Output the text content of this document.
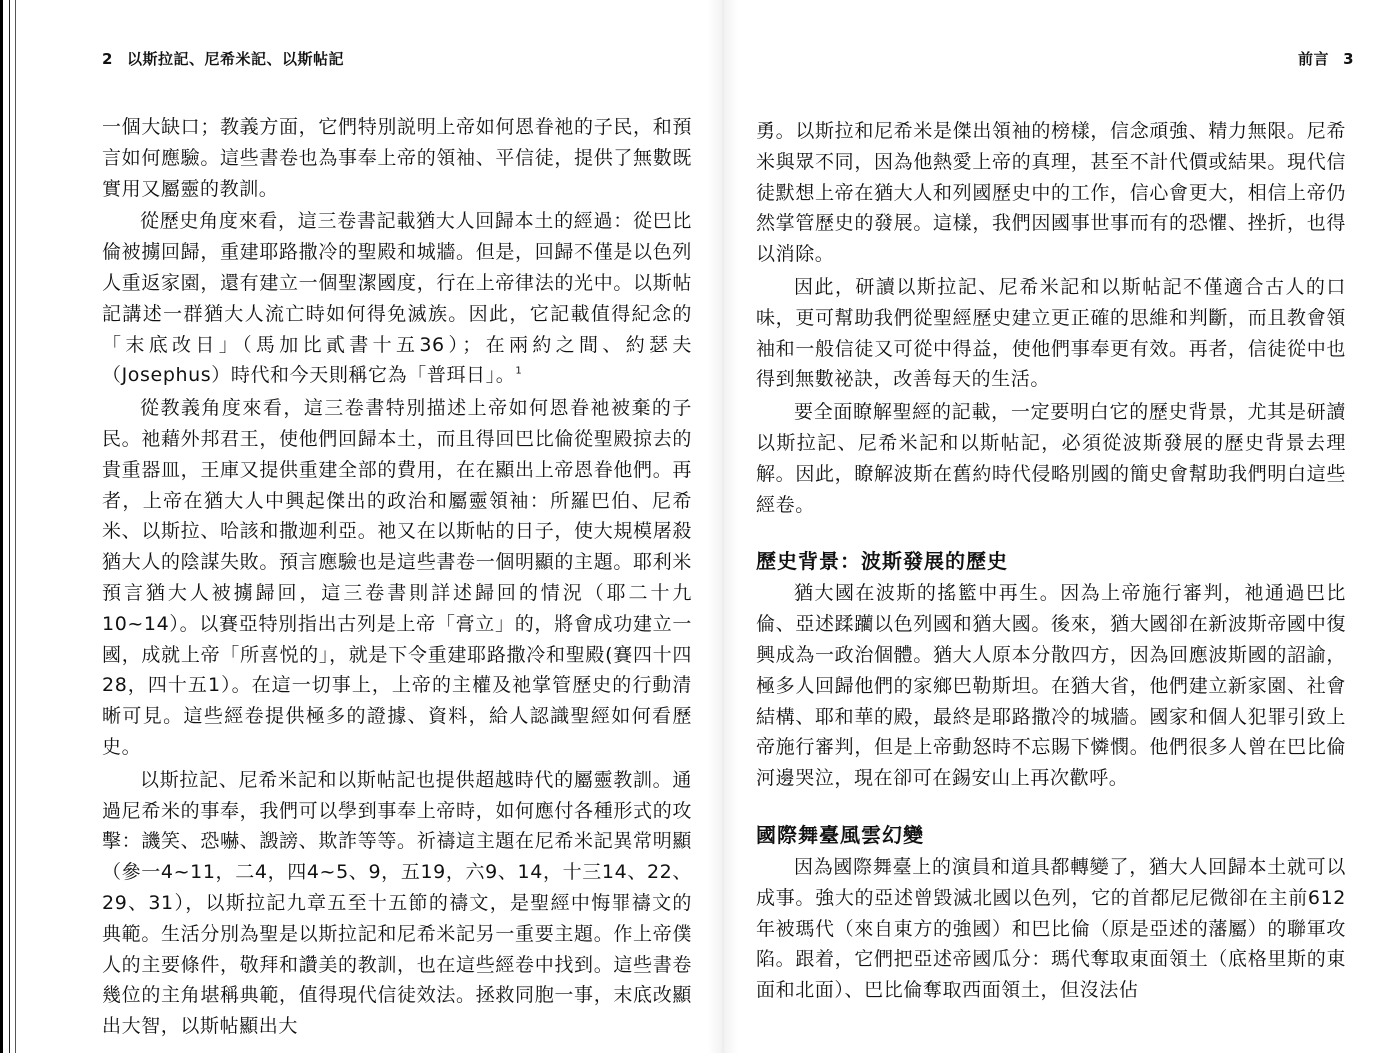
2 以斯拉記、尼希米記、以斯帖記

一個大缺口；教義方面，它們特別説明上帝如何恩眷祂的子民，和預言如何應驗。這些書卷也為事奉上帝的領袖、平信徒，提供了無數既實用又屬靈的教訓。

從歷史角度來看，這三卷書記載猶大人回歸本土的經過：從巴比倫被擄回歸，重建耶路撒冷的聖殿和城牆。但是，回歸不僅是以色列人重返家園，還有建立一個聖潔國度，行在上帝律法的光中。以斯帖記講述一群猶大人流亡時如何得免滅族。因此，它記載值得紀念的「末底改日」（馬加比貳書十五36）；在兩約之間、約瑟夫（Josephus）時代和今天則稱它為「普珥日」。$^1$

從教義角度來看，這三卷書特別描述上帝如何恩眷祂被棄的子民。祂藉外邦君王，使他們回歸本土，而且得回巴比倫從聖殿掠去的貴重器皿，王庫又提供重建全部的費用，在在顯出上帝恩眷他們。再者，上帝在猶大人中興起傑出的政治和屬靈領袖：所羅巴伯、尼希米、以斯拉、哈該和撒迦利亞。祂又在以斯帖的日子，使大規模屠殺猶大人的陰謀失敗。預言應驗也是這些書卷一個明顯的主題。耶利米預言猶大人被擄歸回，這三卷書則詳述歸回的情況（耶二十九10~14）。以賽亞特別指出古列是上帝「膏立」的，將會成功建立一國，成就上帝「所喜悦的」，就是下令重建耶路撒冷和聖殿(賽四十四28，四十五1）。在這一切事上，上帝的主權及祂掌管歷史的行動清晰可見。這些經卷提供極多的證據、資料，給人認識聖經如何看歷史。

以斯拉記、尼希米記和以斯帖記也提供超越時代的屬靈教訓。通過尼希米的事奉，我們可以學到事奉上帝時，如何應付各種形式的攻擊：譏笑、恐嚇、譭謗、欺詐等等。祈禱這主題在尼希米記異常明顯（參一4~11，二4，四4~5、9，五19，六9、14，十三14、22、29、31），以斯拉記九章五至十五節的禱文，是聖經中悔罪禱文的典範。生活分別為聖是以斯拉記和尼希米記另一重要主題。作上帝僕人的主要條件，敬拜和讚美的教訓，也在這些經卷中找到。這些書卷幾位的主角堪稱典範，值得現代信徒效法。拯救同胞一事，末底改顯出大智，以斯帖顯出大

前言 3

勇。以斯拉和尼希米是傑出領袖的榜樣，信念頑強、精力無限。尼希米與眾不同，因為他熱愛上帝的真理，甚至不計代價或結果。現代信徒默想上帝在猶大人和列國歷史中的工作，信心會更大，相信上帝仍然掌管歷史的發展。這樣，我們因國事世事而有的恐懼、挫折，也得以消除。

因此，研讀以斯拉記、尼希米記和以斯帖記不僅適合古人的口味，更可幫助我們從聖經歷史建立更正確的思維和判斷，而且教會領袖和一般信徒又可從中得益，使他們事奉更有效。再者，信徒從中也得到無數祕訣，改善每天的生活。

要全面瞭解聖經的記載，一定要明白它的歷史背景，尤其是研讀以斯拉記、尼希米記和以斯帖記，必須從波斯發展的歷史背景去理解。因此，瞭解波斯在舊約時代侵略別國的簡史會幫助我們明白這些經卷。

歷史背景：波斯發展的歷史

猶大國在波斯的搖籃中再生。因為上帝施行審判，祂通過巴比倫、亞述蹂躪以色列國和猶大國。後來，猶大國卻在新波斯帝國中復興成為一政治個體。猶大人原本分散四方，因為回應波斯國的詔諭，極多人回歸他們的家鄉巴勒斯坦。在猶大省，他們建立新家園、社會結構、耶和華的殿，最終是耶路撒冷的城牆。國家和個人犯罪引致上帝施行審判，但是上帝動怒時不忘賜下憐憫。他們很多人曾在巴比倫河邊哭泣，現在卻可在錫安山上再次歡呼。

國際舞臺風雲幻變

因為國際舞臺上的演員和道具都轉變了，猶大人回歸本土就可以成事。強大的亞述曾毀滅北國以色列，它的首都尼尼微卻在主前612年被瑪代（來自東方的強國）和巴比倫（原是亞述的藩屬）的聯軍攻陷。跟着，它們把亞述帝國瓜分：瑪代奪取東面領土（底格里斯的東面和北面）、巴比倫奪取西面領土，但沒法佔
